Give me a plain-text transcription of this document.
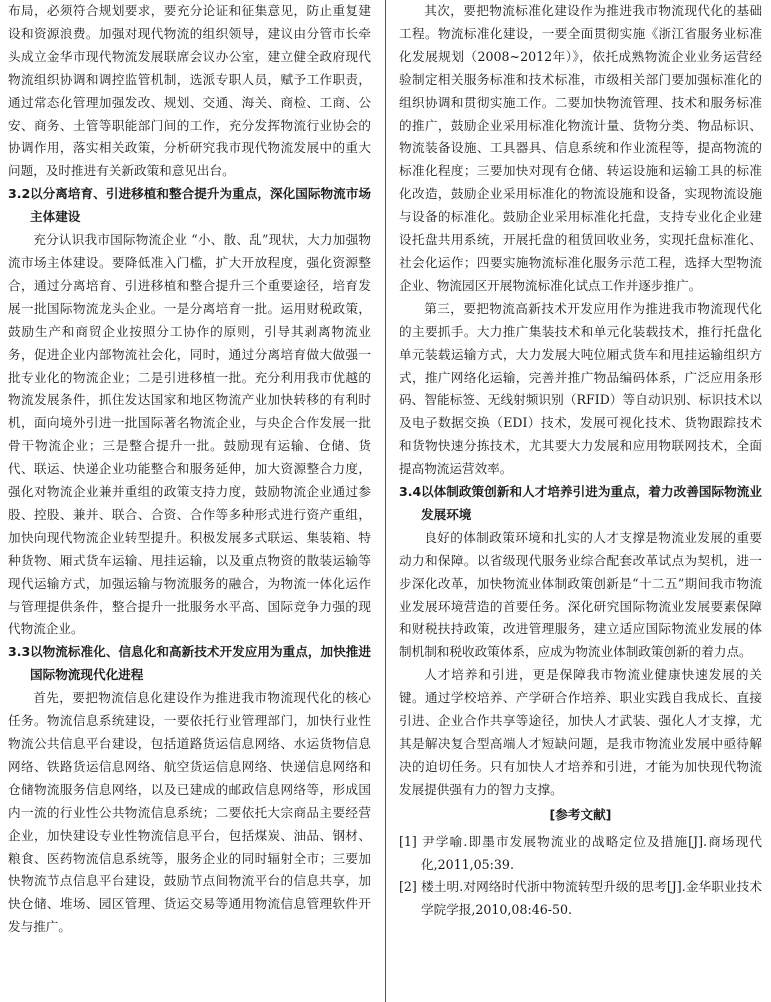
布局，必须符合规划要求，要充分论证和征集意见，防止重复建设和资源浪费。加强对现代物流的组织领导，建议由分管市长牵头成立金华市现代物流发展联席会议办公室，建立健全政府现代物流组织协调和调控监管机制，选派专职人员，赋予工作职责，通过常态化管理加强发改、规划、交通、海关、商检、工商、公安、商务、土管等职能部门间的工作，充分发挥物流行业协会的协调作用，落实相关政策，分析研究我市现代物流发展中的重大问题，及时推进有关新政策和意见出台。

3.2以分离培育、引进移植和整合提升为重点，深化国际物流市场主体建设

充分认识我市国际物流企业 “小、散、乱”现状，大力加强物流市场主体建设。要降低准入门槛，扩大开放程度，强化资源整合，通过分离培育、引进移植和整合提升三个重要途径，培育发展一批国际物流龙头企业。一是分离培育一批。运用财税政策，鼓励生产和商贸企业按照分工协作的原则，引导其剥离物流业务，促进企业内部物流社会化，同时，通过分离培育做大做强一批专业化的物流企业；二是引进移植一批。充分利用我市优越的物流发展条件，抓住发达国家和地区物流产业加快转移的有利时机，面向境外引进一批国际著名物流企业，与央企合作发展一批骨干物流企业；三是整合提升一批。鼓励现有运输、仓储、货代、联运、快递企业功能整合和服务延伸，加大资源整合力度，强化对物流企业兼并重组的政策支持力度，鼓励物流企业通过参股、控股、兼并、联合、合资、合作等多种形式进行资产重组，加快向现代物流企业转型提升。积极发展多式联运、集装箱、特种货物、厢式货车运输、甩挂运输，以及重点物资的散装运输等现代运输方式，加强运输与物流服务的融合，为物流一体化运作与管理提供条件，整合提升一批服务水平高、国际竞争力强的现代物流企业。

3.3以物流标准化、信息化和高新技术开发应用为重点，加快推进国际物流现代化进程

首先，要把物流信息化建设作为推进我市物流现代化的核心任务。物流信息系统建设，一要依托行业管理部门，加快行业性物流公共信息平台建设，包括道路货运信息网络、水运货物信息网络、铁路货运信息网络、航空货运信息网络、快递信息网络和仓储物流服务信息网络，以及已建成的邮政信息网络等，形成国内一流的行业性公共物流信息系统；二要依托大宗商品主要经营企业，加快建设专业性物流信息平台，包括煤炭、油品、钢材、粮食、医药物流信息系统等，服务企业的同时辐射全市；三要加快物流节点信息平台建设，鼓励节点间物流平台的信息共享，加快仓储、堆场、园区管理、货运交易等通用物流信息管理软件开发与推广。

其次，要把物流标准化建设作为推进我市物流现代化的基础工程。物流标准化建设，一要全面贯彻实施《浙江省服务业标准化发展规划（2008~2012年）》，依托成熟物流企业业务运营经验制定相关服务标准和技术标准，市级相关部门要加强标准化的组织协调和贯彻实施工作。二要加快物流管理、技术和服务标准的推广，鼓励企业采用标准化物流计量、货物分类、物品标识、物流装备设施、工具器具、信息系统和作业流程等，提高物流的标准化程度；三要加快对现有仓储、转运设施和运输工具的标准化改造，鼓励企业采用标准化的物流设施和设备，实现物流设施与设备的标准化。鼓励企业采用标准化托盘，支持专业化企业建设托盘共用系统，开展托盘的租赁回收业务，实现托盘标准化、社会化运作；四要实施物流标准化服务示范工程，选择大型物流企业、物流园区开展物流标准化试点工作并逐步推广。

第三，要把物流高新技术开发应用作为推进我市物流现代化的主要抓手。大力推广集装技术和单元化装载技术，推行托盘化单元装载运输方式，大力发展大吨位厢式货车和甩挂运输组织方式，推广网络化运输，完善并推广物品编码体系，广泛应用条形码、智能标签、无线射频识别（RFID）等自动识别、标识技术以及电子数据交换（EDI）技术，发展可视化技术、货物跟踪技术和货物快速分拣技术，尤其要大力发展和应用物联网技术，全面提高物流运营效率。

3.4以体制政策创新和人才培养引进为重点，着力改善国际物流业发展环境

良好的体制政策环境和扎实的人才支撑是物流业发展的重要动力和保障。以省级现代服务业综合配套改革试点为契机，进一步深化改革，加快物流业体制政策创新是“十二五”期间我市物流业发展环境营造的首要任务。深化研究国际物流业发展要素保障和财税扶持政策，改进管理服务，建立适应国际物流业发展的体制机制和税收政策体系，应成为物流业体制政策创新的着力点。

人才培养和引进，更是保障我市物流业健康快速发展的关键。通过学校培养、产学研合作培养、职业实践自我成长、直接引进、企业合作共享等途径，加快人才武装、强化人才支撑，尤其是解决复合型高端人才短缺问题，是我市物流业发展中亟待解决的迫切任务。只有加快人才培养和引进，才能为加快现代物流发展提供强有力的智力支撑。

[参考文献]

[1] 尹学喻.即墨市发展物流业的战略定位及措施[J].商场现代化,2011,05:39.

[2] 楼土明.对网络时代浙中物流转型升级的思考[J].金华职业技术学院学报,2010,08:46-50.
